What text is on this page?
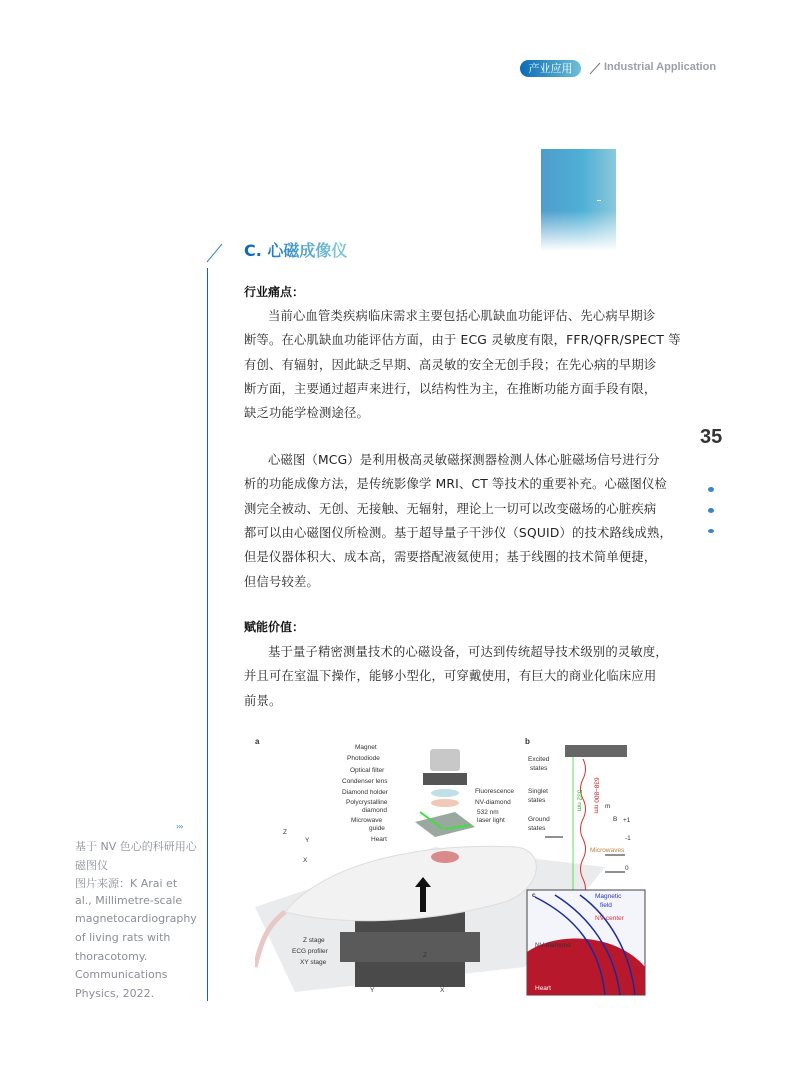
产业应用	Industrial Application
C. 心磁成像仪
行业痛点：
当前心血管类疾病临床需求主要包括心肌缺血功能评估、先心病早期诊
断等。在心肌缺血功能评估方面，由于 ECG 灵敏度有限，FFR/QFR/SPECT 等
有创、有辐射，因此缺乏早期、高灵敏的安全无创手段；在先心病的早期诊
断方面，主要通过超声来进行，以结构性为主，在推断功能方面手段有限，
缺乏功能学检测途径。
心磁图（MCG）是利用极高灵敏磁探测器检测人体心脏磁场信号进行分
析的功能成像方法，是传统影像学 MRI、CT 等技术的重要补充。心磁图仪检
测完全被动、无创、无接触、无辐射，理论上一切可以改变磁场的心脏疾病
都可以由心磁图仪所检测。基于超导量子干涉仪（SQUID）的技术路线成熟，
但是仪器体积大、成本高，需要搭配液氦使用；基于线圈的技术简单便捷，
但信号较差。
赋能价值：
基于量子精密测量技术的心磁设备，可达到传统超导技术级别的灵敏度，
并且可在室温下操作，能够小型化，可穿戴使用，有巨大的商业化临床应用
前景。
35
›››
基于 NV 色心的科研用心
磁图仪
图片来源：K Arai et
al., Millimetre-scale
magnetocardiography
of living rats with
thoracotomy.
Communications
Physics, 2022.
a
Magnet
Photodiode
Optical filter
Condenser lens
Diamond holder
Polycrystalline
diamond
Microwave
guide
Heart
Fluorescence
NV-diamond
532 nm
laser light
Z stage
ECG profiler
XY stage
Z
Y
X
Z
Y	X
Excited
states
Singlet
states
Ground
states
m
+1
-1
0
B
Microwaves
Magnetic
field
NV center
NV-diamond
Heart
532 nm 638–800 nm
b
c
